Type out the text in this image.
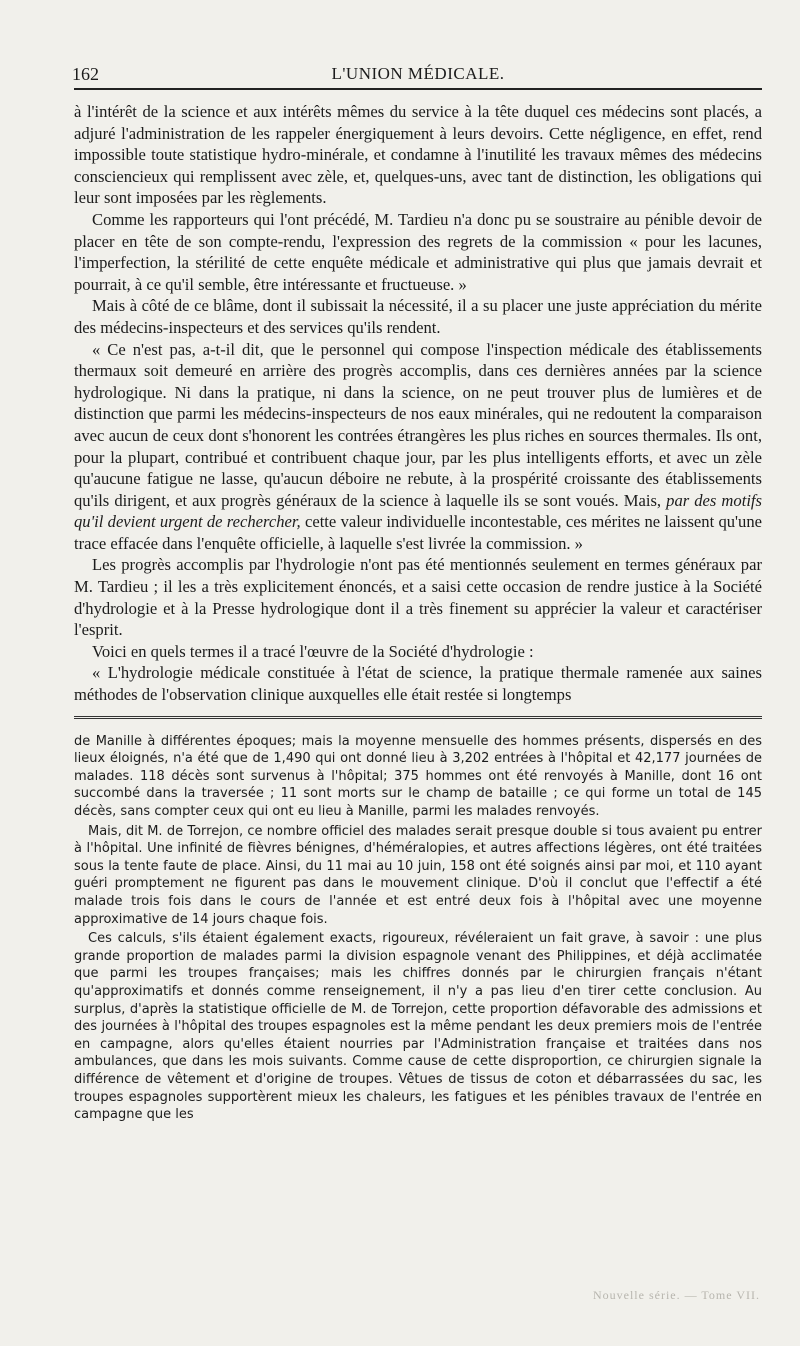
162	L'UNION MÉDICALE.

à l'intérêt de la science et aux intérêts mêmes du service à la tête duquel ces médecins sont placés, a adjuré l'administration de les rappeler énergiquement à leurs devoirs. Cette négligence, en effet, rend impossible toute statistique hydro-minérale, et condamne à l'inutilité les travaux mêmes des médecins consciencieux qui remplissent avec zèle, et, quelques-uns, avec tant de distinction, les obligations qui leur sont imposées par les règlements.

Comme les rapporteurs qui l'ont précédé, M. Tardieu n'a donc pu se soustraire au pénible devoir de placer en tête de son compte-rendu, l'expression des regrets de la commission « pour les lacunes, l'imperfection, la stérilité de cette enquête médicale et administrative qui plus que jamais devrait et pourrait, à ce qu'il semble, être intéressante et fructueuse. »

Mais à côté de ce blâme, dont il subissait la nécessité, il a su placer une juste appréciation du mérite des médecins-inspecteurs et des services qu'ils rendent.

« Ce n'est pas, a-t-il dit, que le personnel qui compose l'inspection médicale des établissements thermaux soit demeuré en arrière des progrès accomplis, dans ces dernières années par la science hydrologique. Ni dans la pratique, ni dans la science, on ne peut trouver plus de lumières et de distinction que parmi les médecins-inspecteurs de nos eaux minérales, qui ne redoutent la comparaison avec aucun de ceux dont s'honorent les contrées étrangères les plus riches en sources thermales. Ils ont, pour la plupart, contribué et contribuent chaque jour, par les plus intelligents efforts, et avec un zèle qu'aucune fatigue ne lasse, qu'aucun déboire ne rebute, à la prospérité croissante des établissements qu'ils dirigent, et aux progrès généraux de la science à laquelle ils se sont voués. Mais, par des motifs qu'il devient urgent de rechercher, cette valeur individuelle incontestable, ces mérites ne laissent qu'une trace effacée dans l'enquête officielle, à laquelle s'est livrée la commission. »

Les progrès accomplis par l'hydrologie n'ont pas été mentionnés seulement en termes généraux par M. Tardieu ; il les a très explicitement énoncés, et a saisi cette occasion de rendre justice à la Société d'hydrologie et à la Presse hydrologique dont il a très finement su apprécier la valeur et caractériser l'esprit.

Voici en quels termes il a tracé l'œuvre de la Société d'hydrologie :

« L'hydrologie médicale constituée à l'état de science, la pratique thermale ramenée aux saines méthodes de l'observation clinique auxquelles elle était restée si longtemps

de Manille à différentes époques; mais la moyenne mensuelle des hommes présents, dispersés en des lieux éloignés, n'a été que de 1,490 qui ont donné lieu à 3,202 entrées à l'hôpital et 42,177 journées de malades. 118 décès sont survenus à l'hôpital; 375 hommes ont été renvoyés à Manille, dont 16 ont succombé dans la traversée ; 11 sont morts sur le champ de bataille ; ce qui forme un total de 145 décès, sans compter ceux qui ont eu lieu à Manille, parmi les malades renvoyés.

Mais, dit M. de Torrejon, ce nombre officiel des malades serait presque double si tous avaient pu entrer à l'hôpital. Une infinité de fièvres bénignes, d'héméralopies, et autres affections légères, ont été traitées sous la tente faute de place. Ainsi, du 11 mai au 10 juin, 158 ont été soignés ainsi par moi, et 110 ayant guéri promptement ne figurent pas dans le mouvement clinique. D'où il conclut que l'effectif a été malade trois fois dans le cours de l'année et est entré deux fois à l'hôpital avec une moyenne approximative de 14 jours chaque fois.

Ces calculs, s'ils étaient également exacts, rigoureux, révéleraient un fait grave, à savoir : une plus grande proportion de malades parmi la division espagnole venant des Philippines, et déjà acclimatée que parmi les troupes françaises; mais les chiffres donnés par le chirurgien français n'étant qu'approximatifs et donnés comme renseignement, il n'y a pas lieu d'en tirer cette conclusion. Au surplus, d'après la statistique officielle de M. de Torrejon, cette proportion défavorable des admissions et des journées à l'hôpital des troupes espagnoles est la même pendant les deux premiers mois de l'entrée en campagne, alors qu'elles étaient nourries par l'Administration française et traitées dans nos ambulances, que dans les mois suivants. Comme cause de cette disproportion, ce chirurgien signale la différence de vêtement et d'origine de troupes. Vêtues de tissus de coton et débarrassées du sac, les troupes espagnoles supportèrent mieux les chaleurs, les fatigues et les pénibles travaux de l'entrée en campagne que les

Nouvelle série. — Tome VII.
